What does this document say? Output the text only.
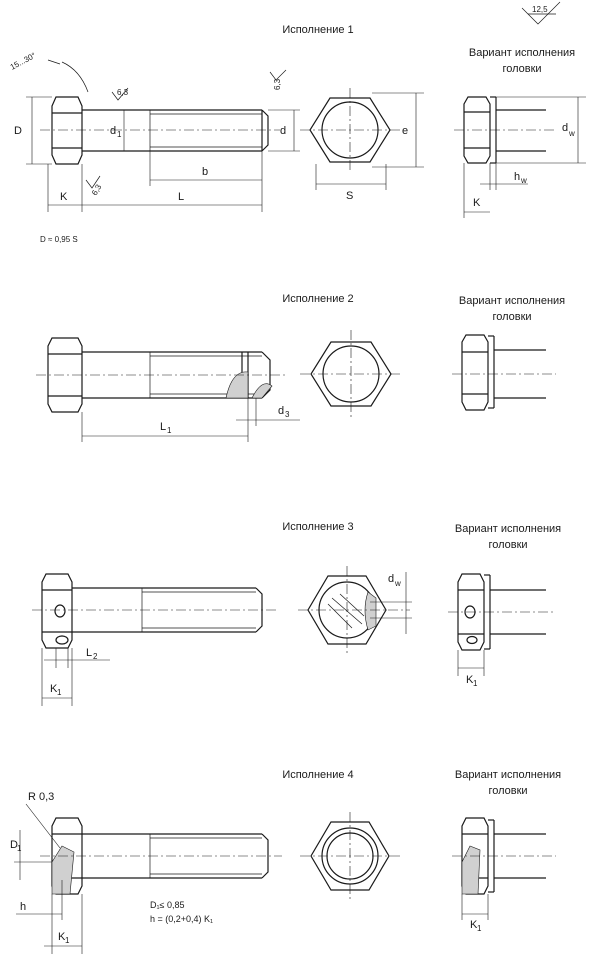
12,5
Исполнение 1
Вариант исполнения
головки
15...30°
6,3
6,3
6,3
D	d 1	d
b
K	L
D ≈ 0,95 S
e
S
d w
h w
K
Исполнение 2	Вариант исполнения
головки
L 1
d 3
Исполнение 3	Вариант исполнения
головки
L 2
K 1
d w
K 1
Исполнение 4	Вариант исполнения
головки
R 0,3
D 1
h
K 1
D₁≤ 0,85
h = (0,2+0,4) K₁	K 1
